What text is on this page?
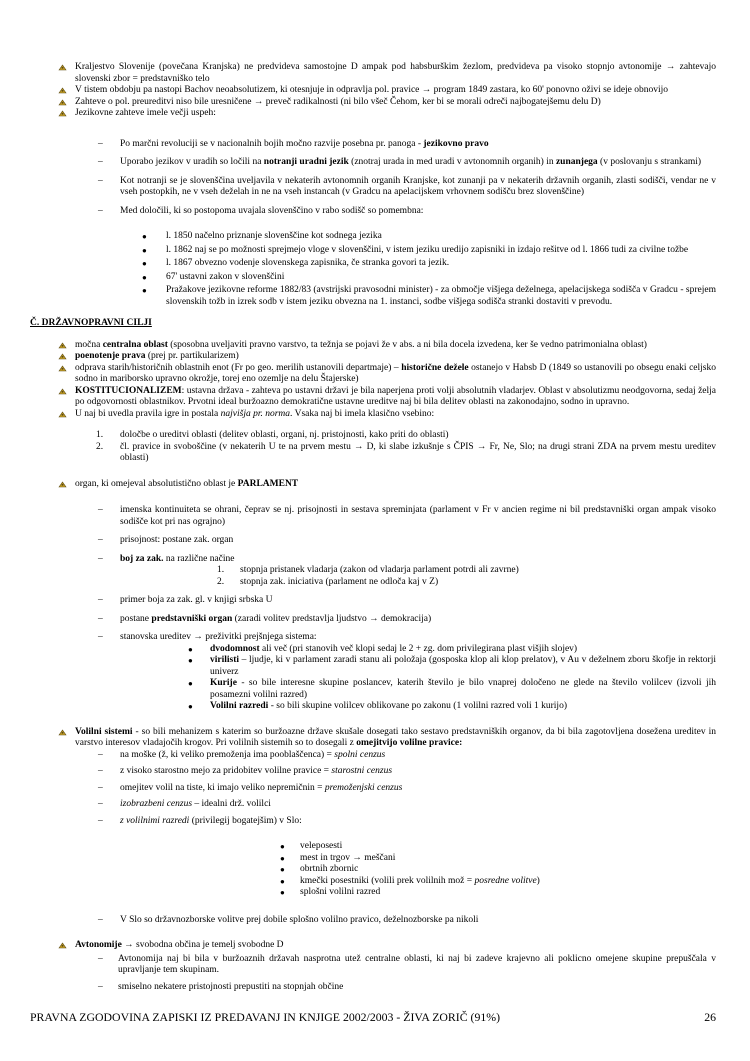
Kraljestvo Slovenije (povečana Kranjska) ne predvideva samostojne D ampak pod habsburškim žezlom, predvideva pa visoko stopnjo avtonomije → zahtevajo slovenski zbor = predstavniško telo

V tistem obdobju pa nastopi Bachov neoabsolutizem, ki otesnjuje in odpravlja pol. pravice → program 1849 zastara, ko 60' ponovno oživi se ideje obnovijo

Zahteve o pol. preureditvi niso bile uresničene → preveč radikalnosti (ni bilo všeč Čehom, ker bi se morali odreči najbogatejšemu delu D)

Jezikovne zahteve imele večji uspeh:

– Po marčni revoluciji se v nacionalnih bojih močno razvije posebna pr. panoga - jezikovno pravo

– Uporabo jezikov v uradih so ločili na notranji uradni jezik (znotraj urada in med uradi v avtonomnih organih) in zunanjega (v poslovanju s strankami)

– Kot notranji se je slovenščina uveljavila v nekaterih avtonomnih organih Kranjske, kot zunanji pa v nekaterih državnih organih, zlasti sodišči, vendar ne v vseh postopkih, ne v vseh deželah in ne na vseh instancah (v Gradcu na apelacijskem vrhovnem sodišču brez slovenščine)

– Med določili, ki so postopoma uvajala slovenščino v rabo sodišč so pomembna:

● l. 1850 načelno priznanje slovenščine kot sodnega jezika

● l. 1862 naj se po možnosti sprejmejo vloge v slovenščini, v istem jeziku uredijo zapisniki in izdajo rešitve od l. 1866 tudi za civilne tožbe

● l. 1867 obvezno vodenje slovenskega zapisnika, če stranka govori ta jezik.

● 67' ustavni zakon v slovenščini

● Pražakove jezikovne reforme 1882/83 (avstrijski pravosodni minister) - za območje višjega deželnega, apelacijskega sodišča v Gradcu - sprejem slovenskih tožb in izrek sodb v istem jeziku obvezna na 1. instanci, sodbe višjega sodišča stranki dostaviti v prevodu.

Č. DRŽAVNOPRAVNI CILJI

močna centralna oblast (sposobna uveljaviti pravno varstvo, ta težnja se pojavi že v abs. a ni bila docela izvedena, ker še vedno patrimonialna oblast)

poenotenje prava (prej pr. partikularizem)

odprava starih/historičnih oblastnih enot (Fr po geo. merilih ustanovili departmaje) – historične dežele ostanejo v Habsb D (1849 so ustanovili po obsegu enaki celjsko sodno in mariborsko upravno okrožje, torej eno ozemlje na delu Štajerske)

KOSTITUCIONALIZEM: ustavna država - zahteva po ustavni državi je bila naperjena proti volji absolutnih vladarjev. Oblast v absolutizmu neodgovorna, sedaj želja po odgovornosti oblastnikov. Prvotni ideal buržoazno demokratične ustavne ureditve naj bi bila delitev oblasti na zakonodajno, sodno in upravno.

U naj bi uvedla pravila igre in postala najvišja pr. norma. Vsaka naj bi imela klasično vsebino:

1. določbe o ureditvi oblasti (delitev oblasti, organi, nj. pristojnosti, kako priti do oblasti)

2. čl. pravice in svoboščine (v nekaterih U te na prvem mestu → D, ki slabe izkušnje s ČPIS → Fr, Ne, Slo; na drugi strani ZDA na prvem mestu ureditev oblasti)

organ, ki omejeval absolutistično oblast je PARLAMENT

– imenska kontinuiteta se ohrani, čeprav se nj. prisojnosti in sestava spreminjata (parlament v Fr v ancien regime ni bil predstavniški organ ampak visoko sodišče kot pri nas ograjno)

– prisojnost: postane zak. organ

– boj za zak. na različne načine

1. stopnja pristanek vladarja (zakon od vladarja parlament potrdi ali zavrne)

2. stopnja zak. iniciativa (parlament ne odloča kaj v Z)

– primer boja za zak. gl. v knjigi srbska U

– postane predstavniški organ (zaradi volitev predstavlja ljudstvo → demokracija)

– stanovska ureditev → preživitki prejšnjega sistema:

● dvodomnost ali več (pri stanovih več klopi sedaj le 2 + zg. dom privilegirana plast višjih slojev)

● virilisti – ljudje, ki v parlament zaradi stanu ali položaja (gosposka klop ali klop prelatov), v Au v deželnem zboru škofje in rektorji univerz

● Kurije - so bile interesne skupine poslancev, katerih število je bilo vnaprej določeno ne glede na število volilcev (izvoli jih posamezni volilni razred)

● Volilni razredi - so bili skupine volilcev oblikovane po zakonu (1 volilni razred voli 1 kurijo)

Volilni sistemi - so bili mehanizem s katerim so buržoazne države skušale dosegati tako sestavo predstavniških organov, da bi bila zagotovljena dosežena ureditev in varstvo interesov vladajočih krogov. Pri volilnih sistemih so to dosegali z omejitvijo volilne pravice:

– na moške (ž, ki veliko premoženja ima pooblaščenca) = spolni cenzus

– z visoko starostno mejo za pridobitev volilne pravice = starostni cenzus

– omejitev volil na tiste, ki imajo veliko nepremičnin = premoženjski cenzus

– izobrazbeni cenzus – idealni drž. volilci

– z volilnimi razredi (privilegij bogatejšim) v Slo:

● veleposesti

● mest in trgov → meščani

● obrtnih zbornic

● kmečki posestniki (volili prek volilnih mož = posredne volitve)

● splošni volilni razred

– V Slo so državnozborske volitve prej dobile splošno volilno pravico, deželnozborske pa nikoli

Avtonomije → svobodna občina je temelj svobodne D

– Avtonomija naj bi bila v buržoaznih državah nasprotna utež centralne oblasti, ki naj bi zadeve krajevno ali poklicno omejene skupine prepuščala v upravljanje tem skupinam.

– smiselno nekatere pristojnosti prepustiti na stopnjah občine

PRAVNA ZGODOVINA ZAPISKI IZ PREDAVANJ IN KNJIGE 2002/2003 - ŽIVA ZORIČ (91%)	26
